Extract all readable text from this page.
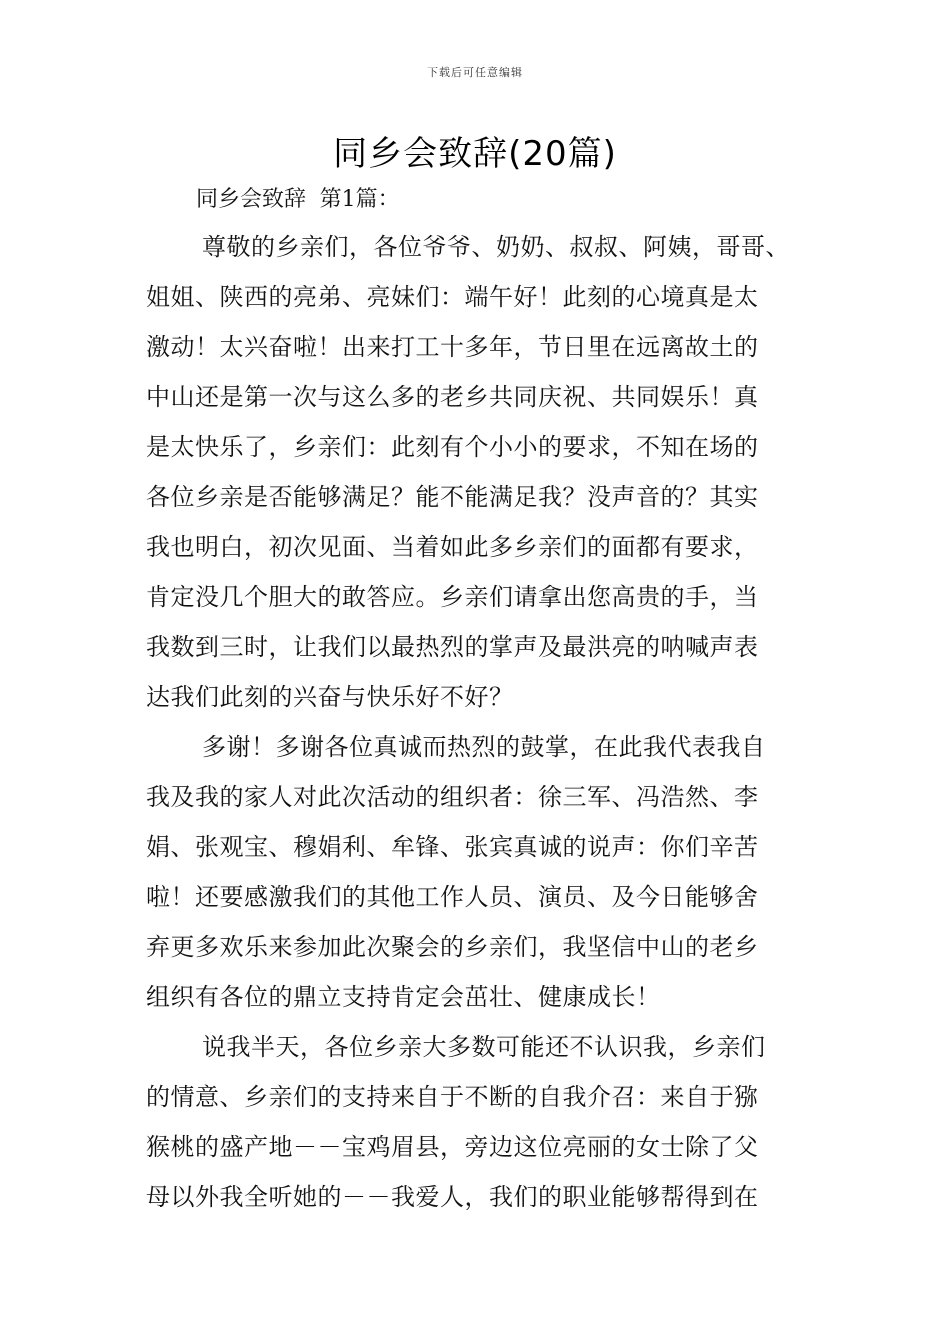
下载后可任意编辑
同乡会致辞(20篇)

同乡会致辞 第1篇：

尊敬的乡亲们，各位爷爷、奶奶、叔叔、阿姨，哥哥、
姐姐、陕西的亮弟、亮妹们：端午好！此刻的心境真是太
激动！太兴奋啦！出来打工十多年，节日里在远离故土的
中山还是第一次与这么多的老乡共同庆祝、共同娱乐！真
是太快乐了，乡亲们：此刻有个小小的要求，不知在场的
各位乡亲是否能够满足？能不能满足我？没声音的？其实
我也明白，初次见面、当着如此多乡亲们的面都有要求，
肯定没几个胆大的敢答应。乡亲们请拿出您高贵的手，当
我数到三时，让我们以最热烈的掌声及最洪亮的呐喊声表
达我们此刻的兴奋与快乐好不好？

多谢！多谢各位真诚而热烈的鼓掌，在此我代表我自
我及我的家人对此次活动的组织者：徐三军、冯浩然、李
娟、张观宝、穆娟利、牟锋、张宾真诚的说声：你们辛苦
啦！还要感激我们的其他工作人员、演员、及今日能够舍
弃更多欢乐来参加此次聚会的乡亲们，我坚信中山的老乡
组织有各位的鼎立支持肯定会茁壮、健康成长！

说我半天，各位乡亲大多数可能还不认识我，乡亲们
的情意、乡亲们的支持来自于不断的自我介召：来自于猕
猴桃的盛产地－－宝鸡眉县，旁边这位亮丽的女士除了父
母以外我全听她的－－我爱人，我们的职业能够帮得到在
